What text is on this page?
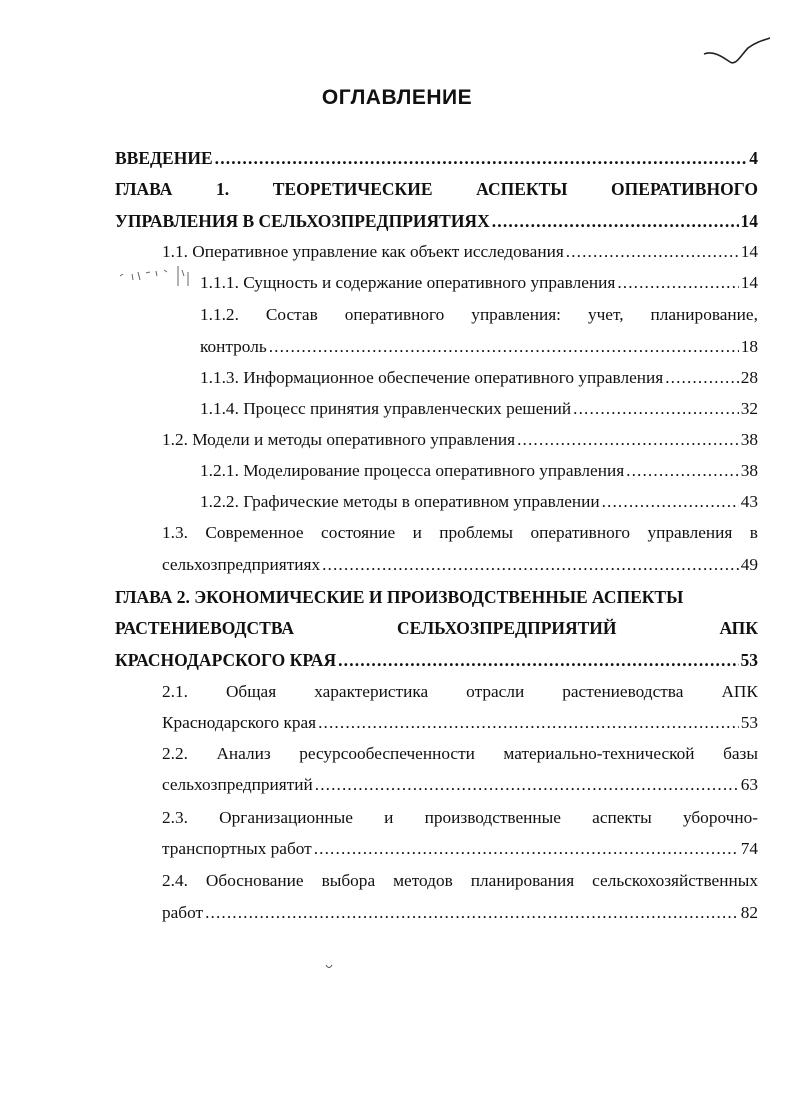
ОГЛАВЛЕНИЕ
ВВЕДЕНИЕ . . .	4
ГЛАВА 1. ТЕОРЕТИЧЕСКИЕ АСПЕКТЫ ОПЕРАТИВНОГО
УПРАВЛЕНИЯ В СЕЛЬХОЗПРЕДПРИЯТИЯХ . . .	14
1.1. Оперативное управление как объект исследования . . .	14
1.1.1. Сущность и содержание оперативного управления . . .	14
1.1.2. Состав оперативного управления: учет, планирование,
контроль . . .	18
1.1.3. Информационное обеспечение оперативного управления . . .	28
1.1.4. Процесс принятия управленческих решений . . .	32
1.2. Модели и методы оперативного управления . . .	38
1.2.1. Моделирование процесса оперативного управления . . .	38
1.2.2. Графические методы в оперативном управлении . . .	43
1.3. Современное состояние и проблемы оперативного управления в
сельхозпредприятиях . . .	49
ГЛАВА 2. ЭКОНОМИЧЕСКИЕ И ПРОИЗВОДСТВЕННЫЕ АСПЕКТЫ
РАСТЕНИЕВОДСТВА	СЕЛЬХОЗПРЕДПРИЯТИЙ	АПК
КРАСНОДАРСКОГО КРАЯ . . .	53
2.1. Общая характеристика отрасли растениеводства АПК
Краснодарского края . . .	53
2.2. Анализ ресурсообеспеченности материально-технической базы
сельхозпредприятий . . .	63
2.3. Организационные и производственные аспекты уборочно-
транспортных работ . . .	74
2.4. Обоснование выбора методов планирования сельскохозяйственных
работ . . .	82
